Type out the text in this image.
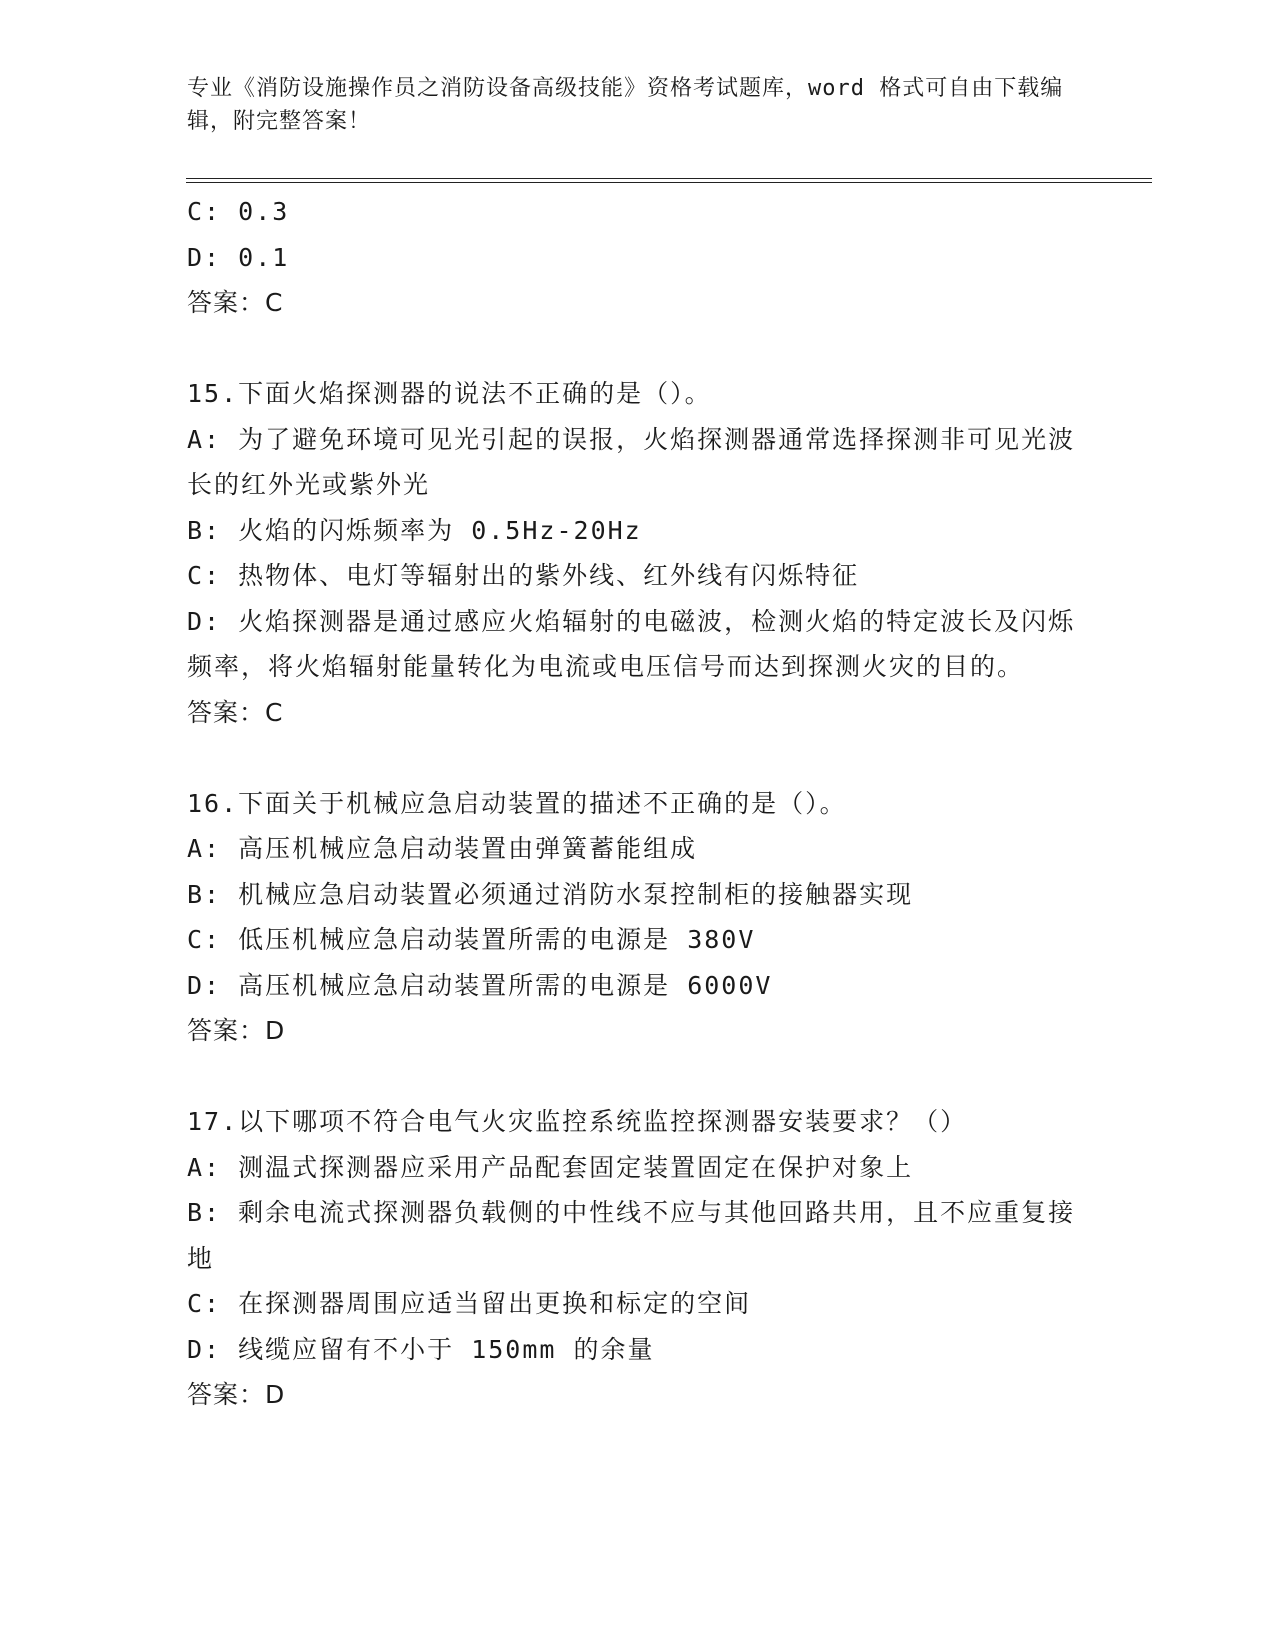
专业《消防设施操作员之消防设备高级技能》资格考试题库，word 格式可自由下载编辑，附完整答案！
C: 0.3
D: 0.1
答案：C
15.下面火焰探测器的说法不正确的是（）。
A: 为了避免环境可见光引起的误报，火焰探测器通常选择探测非可见光波长的红外光或紫外光
B: 火焰的闪烁频率为 0.5Hz-20Hz
C: 热物体、电灯等辐射出的紫外线、红外线有闪烁特征
D: 火焰探测器是通过感应火焰辐射的电磁波，检测火焰的特定波长及闪烁频率，将火焰辐射能量转化为电流或电压信号而达到探测火灾的目的。
答案：C
16.下面关于机械应急启动装置的描述不正确的是（）。
A: 高压机械应急启动装置由弹簧蓄能组成
B: 机械应急启动装置必须通过消防水泵控制柜的接触器实现
C: 低压机械应急启动装置所需的电源是 380V
D: 高压机械应急启动装置所需的电源是 6000V
答案：D
17.以下哪项不符合电气火灾监控系统监控探测器安装要求？（）
A: 测温式探测器应采用产品配套固定装置固定在保护对象上
B: 剩余电流式探测器负载侧的中性线不应与其他回路共用，且不应重复接地
C: 在探测器周围应适当留出更换和标定的空间
D: 线缆应留有不小于 150mm 的余量
答案：D
